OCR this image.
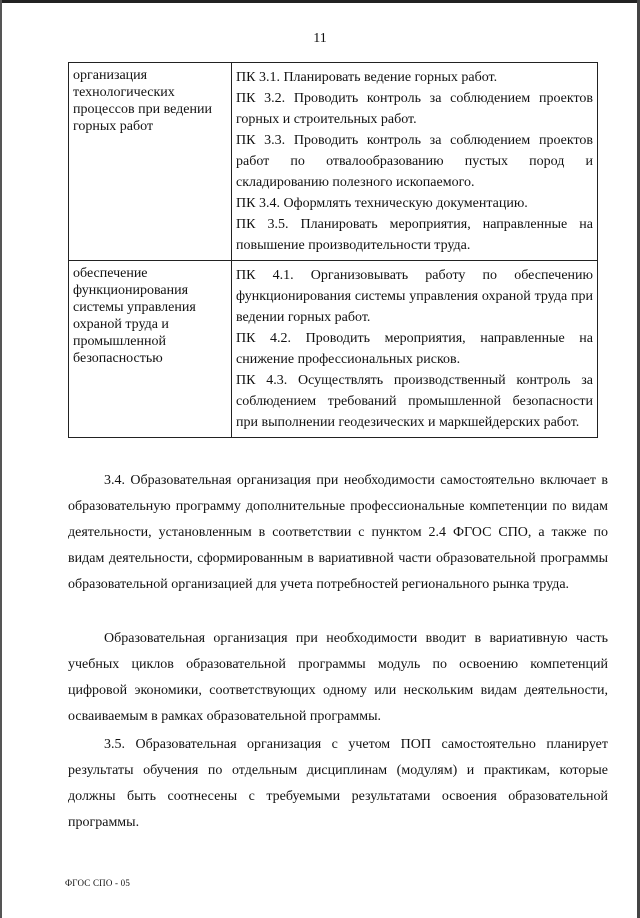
11
организация технологических процессов при ведении горных работ	ПК 3.1. Планировать ведение горных работ.
ПК 3.2. Проводить контроль за соблюдением проектов горных и строительных работ.
ПК 3.3. Проводить контроль за соблюдением проектов работ по отвалообразованию пустых пород и складированию полезного ископаемого.
ПК 3.4. Оформлять техническую документацию.
ПК 3.5. Планировать мероприятия, направленные на повышение производительности труда.

обеспечение функционирования системы управления охраной труда и промышленной безопасностью	ПК 4.1. Организовывать работу по обеспечению функционирования системы управления охраной труда при ведении горных работ.
ПК 4.2. Проводить мероприятия, направленные на снижение профессиональных рисков.
ПК 4.3. Осуществлять производственный контроль за соблюдением требований промышленной безопасности при выполнении геодезических и маркшейдерских работ.

3.4. Образовательная организация при необходимости самостоятельно включает в образовательную программу дополнительные профессиональные компетенции по видам деятельности, установленным в соответствии с пунктом 2.4 ФГОС СПО, а также по видам деятельности, сформированным в вариативной части образовательной программы образовательной организацией для учета потребностей регионального рынка труда.

Образовательная организация при необходимости вводит в вариативную часть учебных циклов образовательной программы модуль по освоению компетенций цифровой экономики, соответствующих одному или нескольким видам деятельности, осваиваемым в рамках образовательной программы.

3.5. Образовательная организация с учетом ПОП самостоятельно планирует результаты обучения по отдельным дисциплинам (модулям) и практикам, которые должны быть соотнесены с требуемыми результатами освоения образовательной программы.

ФГОС СПО - 05
